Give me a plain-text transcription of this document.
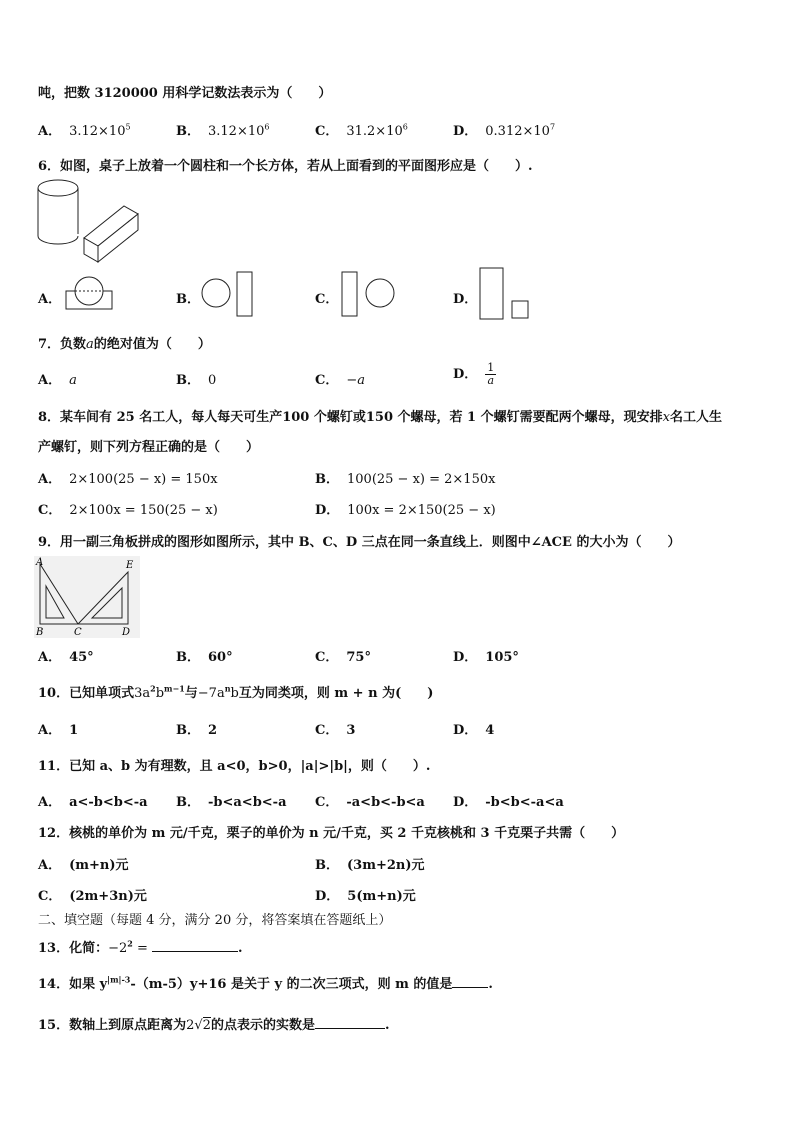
吨，把数 3120000 用科学记数法表示为（　　）
A． $3.12\times 10^5$	B． $3.12\times 10^6$	C． $31.2\times 10^6$	D． $0.312\times 10^7$
6．如图，桌子上放着一个圆柱和一个长方体，若从上面看到的平面图形应是（　　）.
A．	B．	C．	D．
7．负数a的绝对值为（　　）
A． a	B． 0	C． −a	D． $\frac{1}{a}$
8．某车间有 25 名工人，每人每天可生产100 个螺钉或150 个螺母，若 1 个螺钉需要配两个螺母，现安排x名工人生
产螺钉，则下列方程正确的是（　　）
A． 2×100(25 − x) = 150x	B． 100(25 − x) = 2×150x
C． 2×100x = 150(25 − x)	D． 100x = 2×150(25 − x)
9．用一副三角板拼成的图形如图所示，其中 B、C、D 三点在同一条直线上．则图中∠ACE 的大小为（　　）
A
B	C	D
E
A． 45°	B． 60°	C． 75°	D． 105°
10．已知单项式$3a^2b^{m-1}$与$-7a^nb$互为同类项，则 m + n 为(　　)
A． 1	B． 2	C． 3	D． 4
11．已知 a、b 为有理数，且 a<0，b>0，|a|>|b|，则（　　）.
A． a<-b<b<-a B． -b<a<b<-a C． -a<b<-b<a D． -b<b<-a<a
12．核桃的单价为 m 元/千克，栗子的单价为 n 元/千克，买 2 千克核桃和 3 千克栗子共需（　　）
A． (m+n)元	B． (3m+2n)元
C． (2m+3n)元	D． 5(m+n)元
二、填空题（每题 4 分，满分 20 分，将答案填在答题纸上）
13．化简：$-2^2$ =	.
14．如果 $y^{|m|-3}-(m-5)y+16$ 是关于 y 的二次三项式，则 m 的值是	.
15．数轴上到原点距离为2√2的点表示的实数是	.
